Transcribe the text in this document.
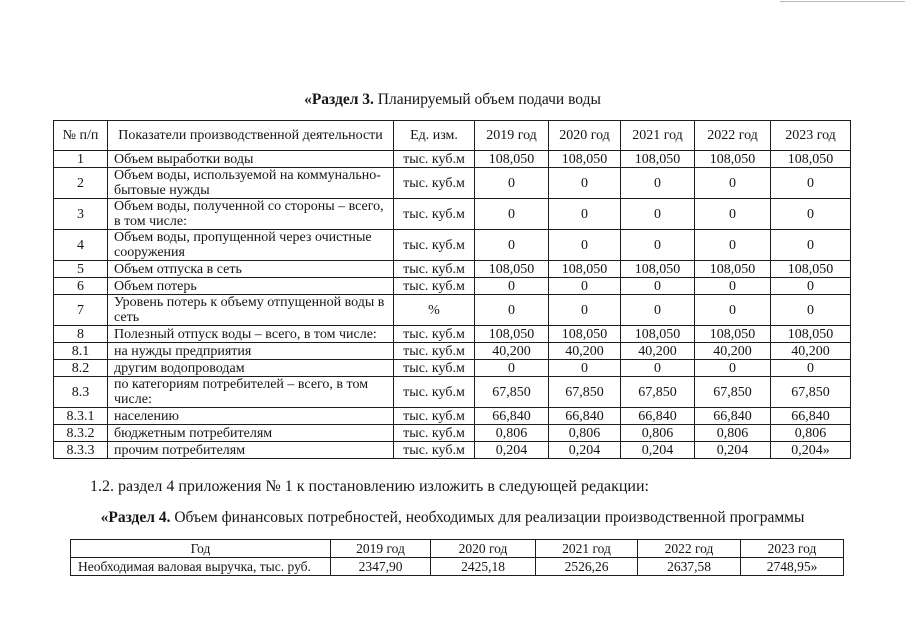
«Раздел 3. Планируемый объем подачи воды
№ п/п	Показатели производственной деятельности	Ед. изм.	2019 год	2020 год	2021 год	2022 год	2023 год
1	Объем выработки воды	тыс. куб.м	108,050	108,050	108,050	108,050	108,050
2	Объем воды, используемой на коммунально-бытовые нужды	тыс. куб.м	0	0	0	0	0
3	Объем воды, полученной со стороны – всего, в том числе:	тыс. куб.м	0	0	0	0	0
4	Объем воды, пропущенной через очистные сооружения	тыс. куб.м	0	0	0	0	0
5	Объем отпуска в сеть	тыс. куб.м	108,050	108,050	108,050	108,050	108,050
6	Объем потерь	тыс. куб.м	0	0	0	0	0
7	Уровень потерь к объему отпущенной воды в сеть	%	0	0	0	0	0
8	Полезный отпуск воды – всего, в том числе:	тыс. куб.м	108,050	108,050	108,050	108,050	108,050
8.1	на нужды предприятия	тыс. куб.м	40,200	40,200	40,200	40,200	40,200
8.2	другим водопроводам	тыс. куб.м	0	0	0	0	0
8.3	по категориям потребителей – всего, в том числе:	тыс. куб.м	67,850	67,850	67,850	67,850	67,850
8.3.1	населению	тыс. куб.м	66,840	66,840	66,840	66,840	66,840
8.3.2	бюджетным потребителям	тыс. куб.м	0,806	0,806	0,806	0,806	0,806
8.3.3	прочим потребителям	тыс. куб.м	0,204	0,204	0,204	0,204	0,204»
1.2. раздел 4 приложения № 1 к постановлению изложить в следующей редакции:
«Раздел 4. Объем финансовых потребностей, необходимых для реализации производственной программы
Год	2019 год	2020 год	2021 год	2022 год	2023 год
Необходимая валовая выручка, тыс. руб.	2347,90	2425,18	2526,26	2637,58	2748,95»
